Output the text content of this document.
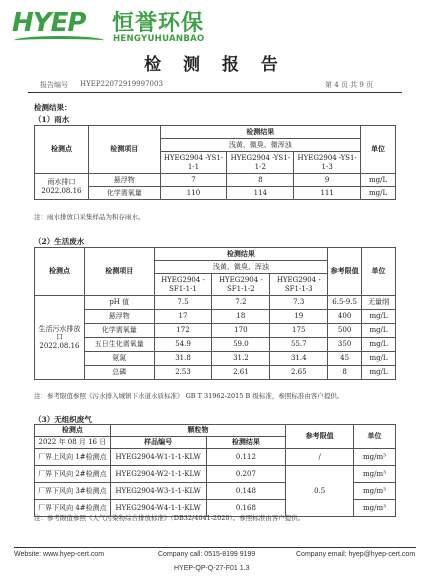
HYEP 恒誉环保
HENGYUHUANBAO
检 测 报 告
报告编号 HYEP22072919997003	第 4 页 共 9 页
检测结果：
（1）雨水
检测点	检测项目	检测结果			单位
		浅黄、微臭、微浑浊			
		HYEG2904 -YS1-1-1	HYEG2904 -YS1-1-2	HYEG2904 -YS1-1-3	
雨水排口 2022.08.16	悬浮物	7	8	9	mg/L
	化学需氧量	110	114	111	mg/L
注：雨水排放口采集样品为积存雨水。
（2）生活废水
检测点	检测项目	检测结果			参考限值	单位
		浅黄、微臭、浑浊				
		HYEG2904 -SF1-1-1	HYEG2904 -SF1-1-2	HYEG2904 -SF1-1-3		
生活污水排放口 2022.08.16	pH 值	7.5	7.2	7.3	6.5-9.5	无量纲
	悬浮物	17	18	19	400	mg/L
	化学需氧量	172	170	175	500	mg/L
	五日生化需氧量	54.9	59.0	55.7	350	mg/L
	氨氮	31.8	31.2	31.4	45	mg/L
	总磷	2.53	2.61	2.65	8	mg/L
注：参考限值参照《污水排入城镇下水道水质标准》 GB T 31962-2015 B 级标准，参照标准由客户提供。
（3）无组织废气
检测点	颗粒物		参考限值	单位
2022 年 08 月 16 日	样品编号	检测结果		
厂界上风向 1#检测点	HYEG2904-W1-1-1-KLW	0.112	/	mg/m³
厂界下风向 2#检测点	HYEG2904-W2-1-1-KLW	0.207	0.5	mg/m³
厂界下风向 3#检测点	HYEG2904-W3-1-1-KLW	0.148		mg/m³
厂界下风向 4#检测点	HYEG2904-W4-1-1-KLW	0.168		mg/m³
注：参考限值参照《大气污染物综合排放标准》（DB32/4041-2020）。参照标准由客户提供。
Website: www.hyep-cert.com	Company call: 0515-8199 9199	Company email: hyep@hyep-cert.com
HYEP-QP-Q-27-F01 1.3
